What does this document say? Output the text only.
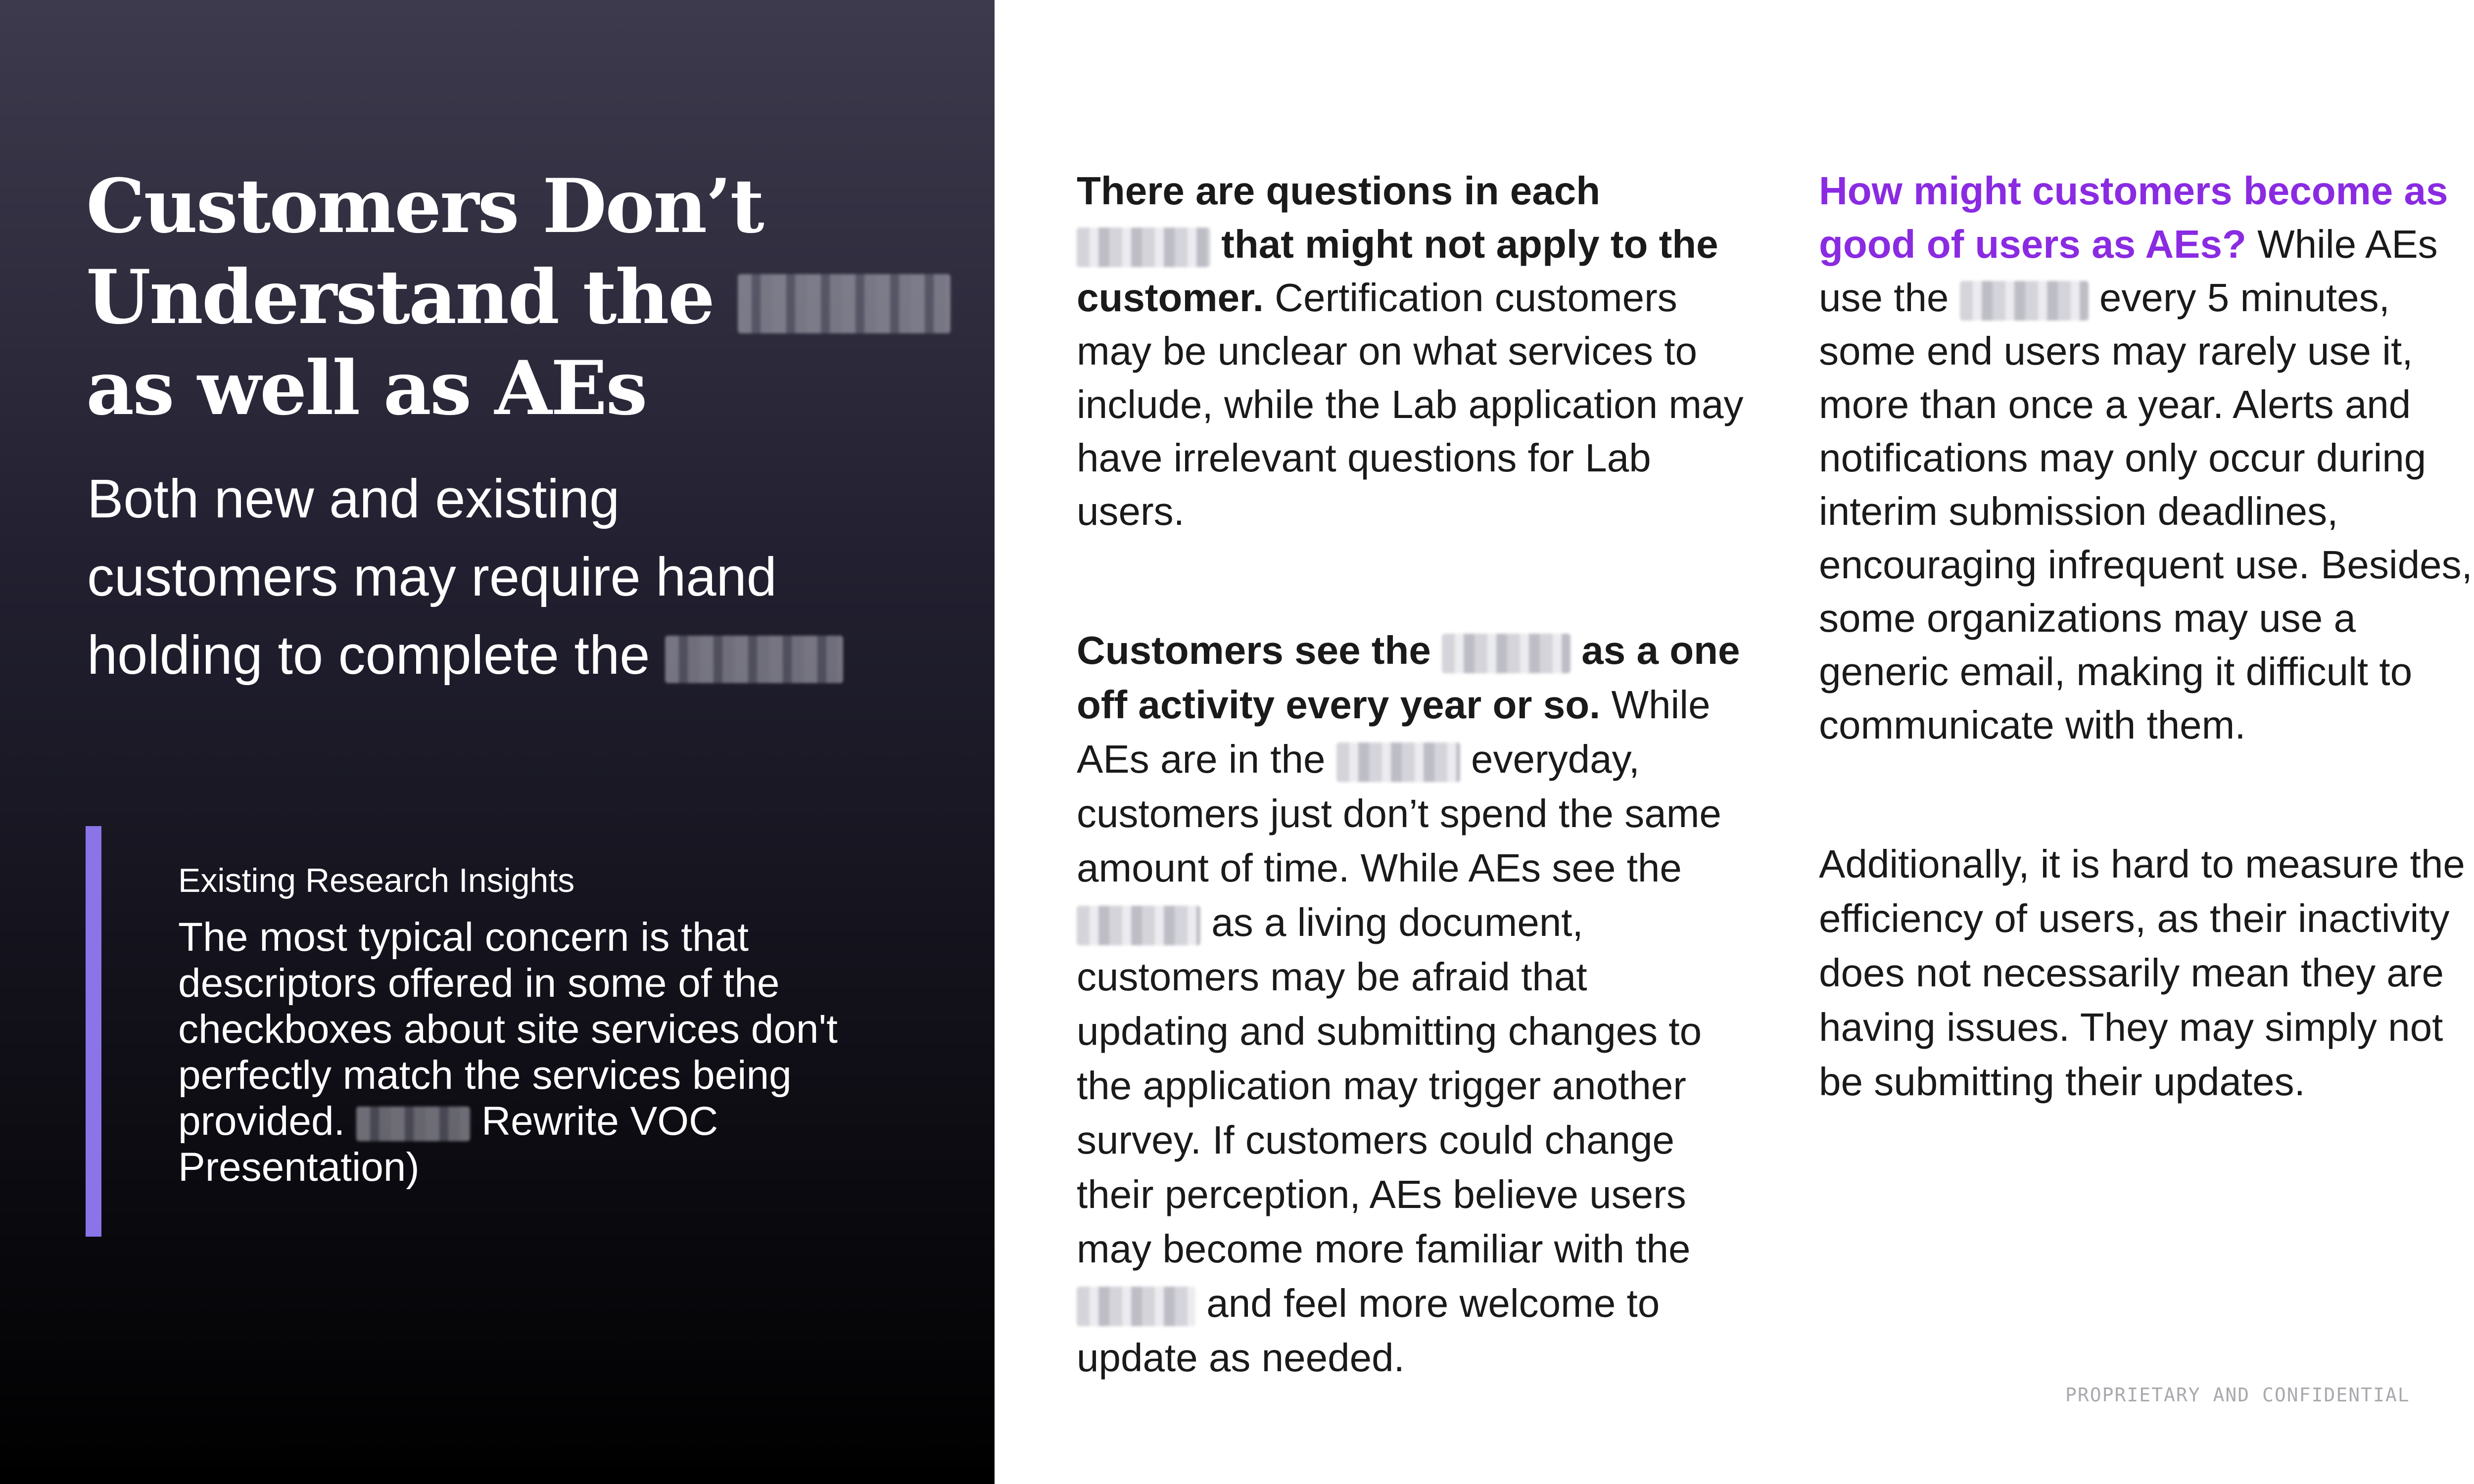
Customers Don’t
Understand the
as well as AEs

Both new and existing
customers may require hand
holding to complete the

Existing Research Insights

The most typical concern is that descriptors offered in some of the checkboxes about site services don't perfectly match the services being provided.	Rewrite VOC Presentation)

There are questions in each  that might not apply to the customer. Certification customers may be unclear on what services to include, while the Lab application may have irrelevant questions for Lab users.

Customers see the	as a one off activity every year or so. While AEs are in the	everyday, customers just don’t spend the same amount of time. While AEs see the  as a living document, customers may be afraid that updating and submitting changes to the application may trigger another survey. If customers could change their perception, AEs believe users may become more familiar with the  and feel more welcome to update as needed.

How might customers become as good of users as AEs? While AEs use the	every 5 minutes, some end users may rarely use it, more than once a year. Alerts and notifications may only occur during interim submission deadlines, encouraging infrequent use. Besides, some organizations may use a generic email, making it difficult to communicate with them.

Additionally, it is hard to measure the efficiency of users, as their inactivity does not necessarily mean they are having issues. They may simply not be submitting their updates.

PROPRIETARY AND CONFIDENTIAL
